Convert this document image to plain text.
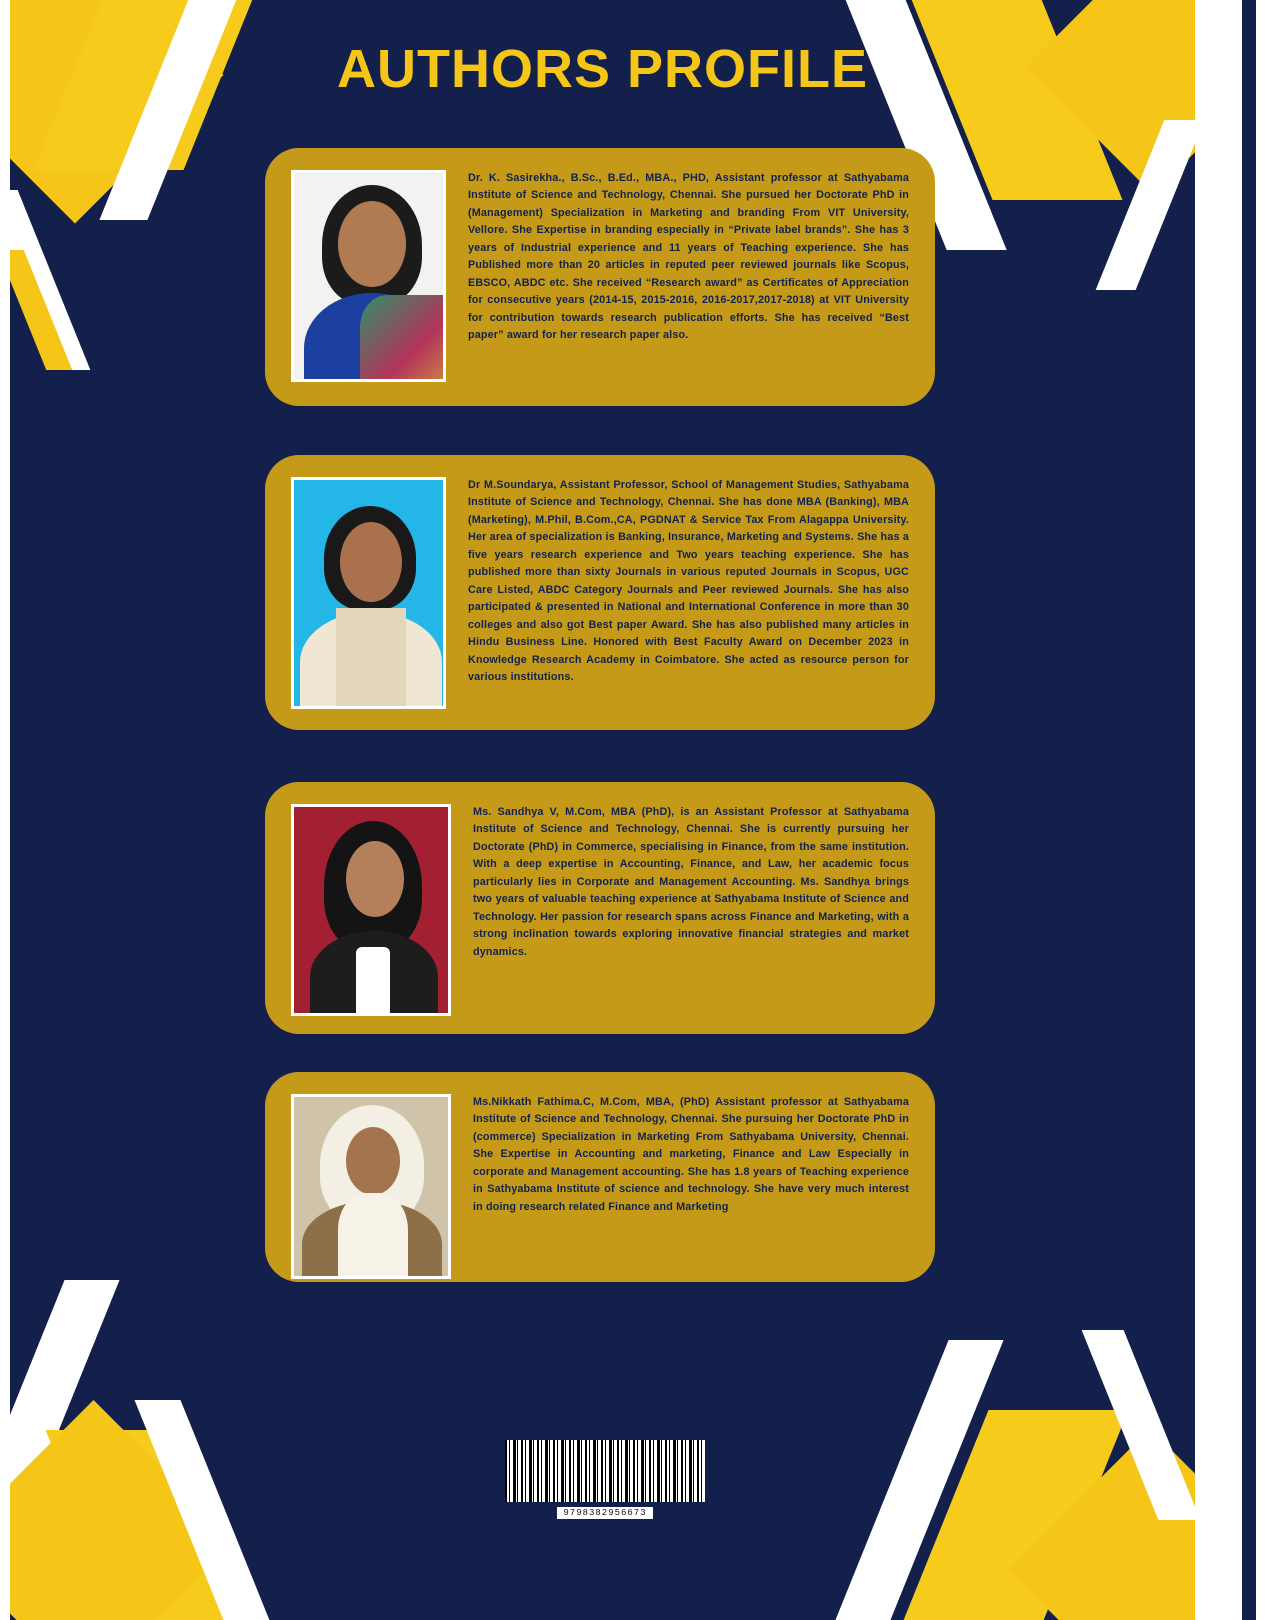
AUTHORS PROFILE
Dr. K. Sasirekha., B.Sc., B.Ed., MBA., PHD, Assistant professor at Sathyabama Institute of Science and Technology, Chennai. She pursued her Doctorate PhD in (Management) Specialization in Marketing and branding From VIT University, Vellore. She Expertise in branding especially in “Private label brands”. She has 3 years of Industrial experience and 11 years of Teaching experience. She has Published more than 20 articles in reputed peer reviewed journals like Scopus, EBSCO, ABDC etc. She received “Research award” as Certificates of Appreciation for consecutive years (2014-15, 2015-2016, 2016-2017,2017-2018) at VIT University for contribution towards research publication efforts. She has received “Best paper” award for her research paper also.
Dr M.Soundarya, Assistant Professor, School of Management Studies, Sathyabama Institute of Science and Technology, Chennai. She has done MBA (Banking), MBA (Marketing), M.Phil, B.Com.,CA, PGDNAT & Service Tax From Alagappa University. Her area of specialization is Banking, Insurance, Marketing and Systems. She has a five years research experience and Two years teaching experience. She has published more than sixty Journals in various reputed Journals in Scopus, UGC Care Listed, ABDC Category Journals and Peer reviewed Journals. She has also participated & presented in National and International Conference in more than 30 colleges and also got Best paper Award. She has also published many articles in Hindu Business Line. Honored with Best Faculty Award on December 2023 in Knowledge Research Academy in Coimbatore. She acted as resource person for various institutions.
Ms. Sandhya V, M.Com, MBA (PhD), is an Assistant Professor at Sathyabama Institute of Science and Technology, Chennai. She is currently pursuing her Doctorate (PhD) in Commerce, specialising in Finance, from the same institution. With a deep expertise in Accounting, Finance, and Law, her academic focus particularly lies in Corporate and Management Accounting. Ms. Sandhya brings two years of valuable teaching experience at Sathyabama Institute of Science and Technology. Her passion for research spans across Finance and Marketing, with a strong inclination towards exploring innovative financial strategies and market dynamics.
Ms.Nikkath Fathima.C, M.Com, MBA, (PhD) Assistant professor at Sathyabama Institute of Science and Technology, Chennai. She pursuing her Doctorate PhD in (commerce) Specialization in Marketing From Sathyabama University, Chennai. She Expertise in Accounting and marketing, Finance and Law Especially in corporate and Management accounting. She has 1.8 years of Teaching experience in Sathyabama Institute of science and technology. She have very much interest in doing research related Finance and Marketing
9798382956673
